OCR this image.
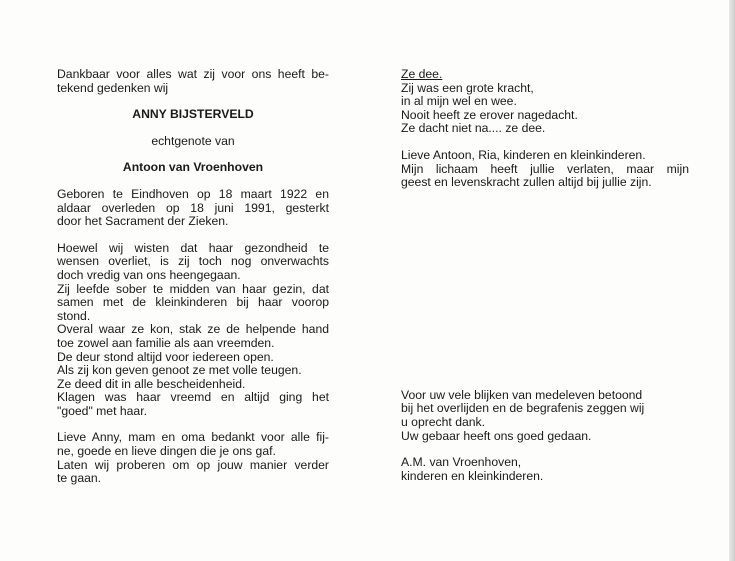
Dankbaar voor alles wat zij voor ons heeft be-
tekend gedenken wij
ANNY BIJSTERVELD
echtgenote van
Antoon van Vroenhoven
Geboren te Eindhoven op 18 maart 1922 en
aldaar overleden op 18 juni 1991, gesterkt
door het Sacrament der Zieken.
Hoewel wij wisten dat haar gezondheid te
wensen overliet, is zij toch nog onverwachts
doch vredig van ons heengegaan.
Zij leefde sober te midden van haar gezin, dat
samen met de kleinkinderen bij haar voorop
stond.
Overal waar ze kon, stak ze de helpende hand
toe zowel aan familie als aan vreemden.
De deur stond altijd voor iedereen open.
Als zij kon geven genoot ze met volle teugen.
Ze deed dit in alle bescheidenheid.
Klagen was haar vreemd en altijd ging het
"goed" met haar.
Lieve Anny, mam en oma bedankt voor alle fij-
ne, goede en lieve dingen die je ons gaf.
Laten wij proberen om op jouw manier verder
te gaan.
Ze dee.
Zij was een grote kracht,
in al mijn wel en wee.
Nooit heeft ze erover nagedacht.
Ze dacht niet na.... ze dee.
Lieve Antoon, Ria, kinderen en kleinkinderen.
Mijn lichaam heeft jullie verlaten, maar mijn
geest en levenskracht zullen altijd bij jullie zijn.
Voor uw vele blijken van medeleven betoond
bij het overlijden en de begrafenis zeggen wij
u oprecht dank.
Uw gebaar heeft ons goed gedaan.
A.M. van Vroenhoven,
kinderen en kleinkinderen.
